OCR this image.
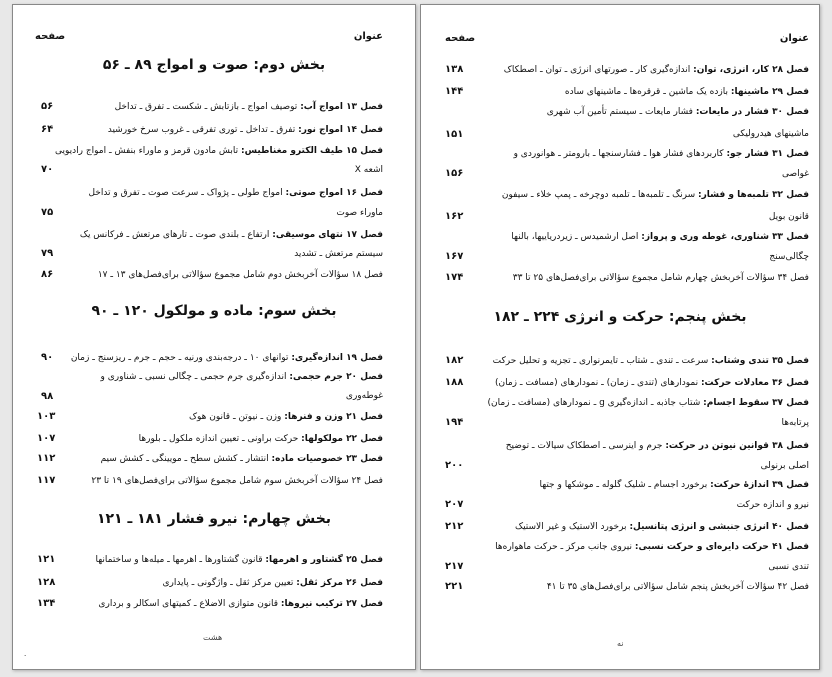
عنوان
صفحه
بخش دوم: صوت و امواج ۸۹ ـ ۵۶
فصل ۱۳ امواج آب: توصیف امواج ـ بازتابش ـ شکست ـ تفرق ـ تداخل
۵۶
فصل ۱۴ امواج نور: تفرق ـ تداخل ـ توری تفرقی ـ غروب سرخ خورشید
۶۴
فصل ۱۵ طیف الکترو مغناطیس: تابش مادون قرمز و ماوراء بنفش ـ امواج رادیویی
اشعه X
۷۰
فصل ۱۶ امواج صوتی: امواج طولی ـ پژواک ـ سرعت صوت ـ تفرق و تداخل
ماوراء صوت
۷۵
فصل ۱۷ نتهای موسیقی: ارتفاع ـ بلندی صوت ـ تارهای مرتعش ـ فرکانس یک
سیستم مرتعش ـ تشدید
۷۹
فصل ۱۸ سؤالات آخربخش دوم شامل مجموع سؤالاتی برای‌فصل‌های ۱۳ ـ ۱۷
۸۶
بخش سوم: ماده و مولکول ۱۲۰ ـ ۹۰
فصل ۱۹ اندازه‌گیری: توانهای ۱۰ ـ درجه‌بندی ورنیه ـ حجم ـ جرم ـ ریزسنج ـ زمان
۹۰
فصل ۲۰ جرم حجمی: اندازه‌گیری جرم حجمی ـ چگالی نسبی ـ شناوری و
غوطه‌وری
۹۸
فصل ۲۱ وزن و فنرها: وزن ـ نیوتن ـ قانون هوک
۱۰۳
فصل ۲۲ مولکولها: حرکت براونی ـ تعیین اندازه ملکول ـ بلورها
۱۰۷
فصل ۲۳ خصوصیات ماده: انتشار ـ کشش سطح ـ مویینگی ـ کشش سیم
۱۱۲
فصل ۲۴ سؤالات آخربخش سوم شامل مجموع سؤالاتی برای‌فصل‌های ۱۹ تا ۲۳
۱۱۷
بخش چهارم: نیرو فشار ۱۸۱ ـ ۱۲۱
فصل ۲۵ گشتاور و اهرمها: قانون گشتاورها ـ اهرمها ـ میله‌ها و ساختمانها
۱۲۱
فصل ۲۶ مرکز ثقل: تعیین مرکز ثقل ـ واژگونی ـ پایداری
۱۲۸
فصل ۲۷ ترکیب نیروها: قانون متوازی الاضلاع ـ کمیتهای اسکالر و برداری
۱۳۴
هشت
٠
عنوان
صفحه
فصل ۲۸ کار، انرژی، توان: اندازه‌گیری کار ـ صورتهای انرژی ـ توان ـ اصطکاک
۱۳۸
فصل ۲۹ ماشینها: بازده یک ماشین ـ قرقره‌ها ـ ماشینهای ساده
۱۴۴
فصل ۳۰ فشار در مایعات: فشار مایعات ـ سیستم تأمین آب شهری
ماشینهای هیدرولیکی
۱۵۱
فصل ۳۱ فشار جو: کاربردهای فشار هوا ـ فشارسنجها ـ بارومتر ـ هوانوردی و
غواصی
۱۵۶
فصل ۳۲ تلمبه‌ها و فشار: سرنگ ـ تلمبه‌ها ـ تلمبه دوچرخه ـ پمپ خلاء ـ سیفون
قانون بویل
۱۶۲
فصل ۳۳ شناوری، غوطه وری و پرواز: اصل ارشمیدس ـ زیردریاییها، بالنها
چگالی‌سنج
۱۶۷
فصل ۳۴ سؤالات آخربخش چهارم شامل مجموع سؤالاتی برای‌فصل‌های ۲۵ تا ۳۳
۱۷۴
بخش پنجم: حرکت و انرژی ۲۲۴ ـ ۱۸۲
فصل ۳۵ تندی وشتاب: سرعت ـ تندی ـ شتاب ـ تایمرنواری ـ تجزیه و تحلیل حرکت
۱۸۲
فصل ۳۶ معادلات حرکت: نمودارهای (تندی ـ زمان) ـ نمودارهای (مسافت ـ زمان)
۱۸۸
فصل ۳۷ سقوط اجسام: شتاب جاذبه ـ اندازه‌گیری g ـ نمودارهای (مسافت ـ زمان)
پرتابه‌ها
۱۹۴
فصل ۳۸ قوانین نیوتن در حرکت: جرم و اینرسی ـ اصطکاک سیالات ـ توضیح
اصلی برنولی
۲۰۰
فصل ۳۹ اندازهٔ حرکت: برخورد اجسام ـ شلیک گلوله ـ موشکها و جتها
نیرو و اندازه حرکت
۲۰۷
فصل ۴۰ انرژی جنبشی و انرژی پتانسیل: برخورد الاستیک و غیر الاستیک
۲۱۲
فصل ۴۱ حرکت دایره‌ای و حرکت نسبی: نیروی جانب مرکز ـ حرکت ماهواره‌ها
تندی نسبی
۲۱۷
فصل ۴۲ سؤالات آخربخش پنجم شامل سؤالاتی برای‌فصل‌های ۳۵ تا ۴۱
۲۲۱
نه
